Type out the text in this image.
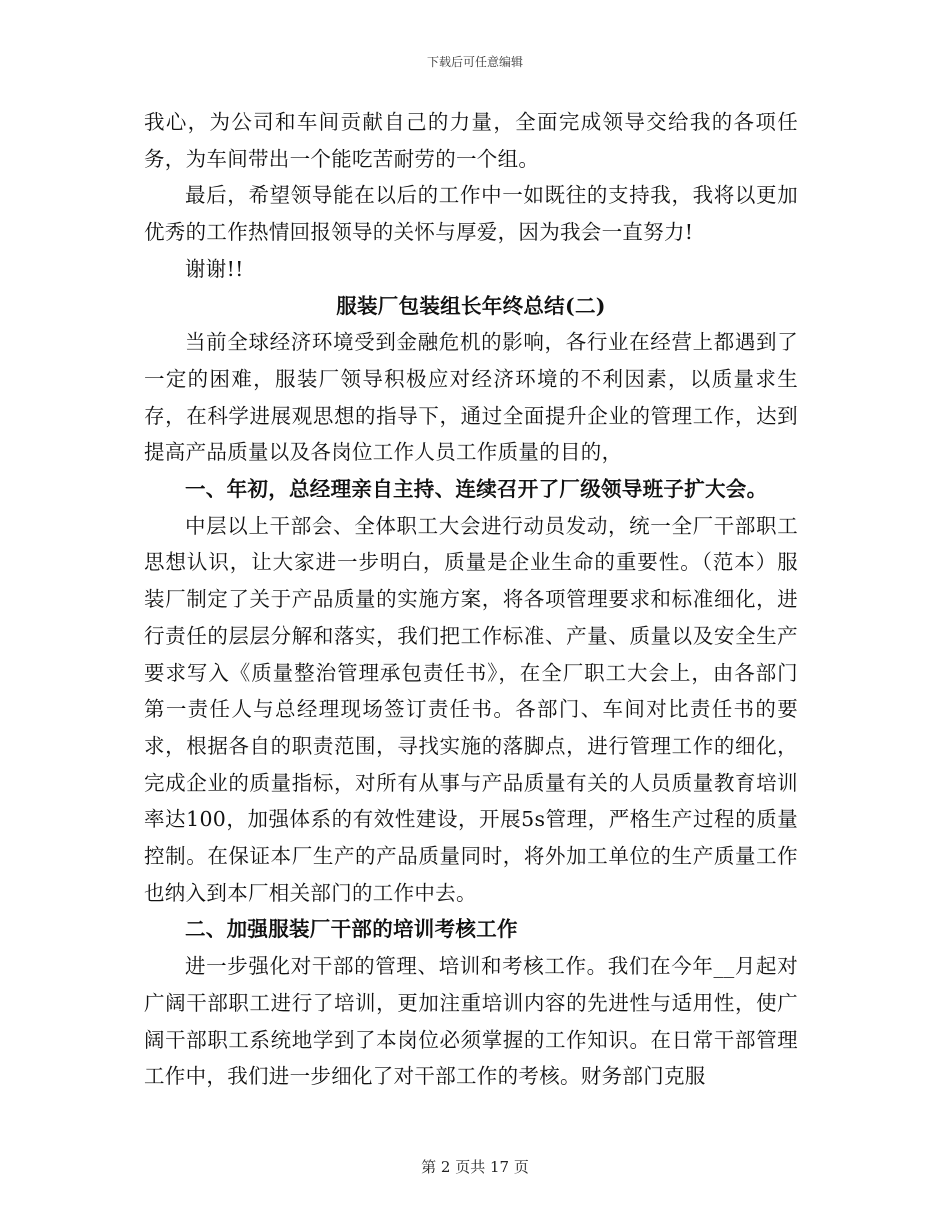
下载后可任意编辑

我心，为公司和车间贡献自己的力量，全面完成领导交给我的各项任务，为车间带出一个能吃苦耐劳的一个组。

最后，希望领导能在以后的工作中一如既往的支持我，我将以更加优秀的工作热情回报领导的关怀与厚爱，因为我会一直努力!

谢谢!!

服装厂包装组长年终总结(二)

当前全球经济环境受到金融危机的影响，各行业在经营上都遇到了一定的困难，服装厂领导积极应对经济环境的不利因素，以质量求生存，在科学进展观思想的指导下，通过全面提升企业的管理工作，达到提高产品质量以及各岗位工作人员工作质量的目的，

一、年初，总经理亲自主持、连续召开了厂级领导班子扩大会。

中层以上干部会、全体职工大会进行动员发动，统一全厂干部职工思想认识，让大家进一步明白，质量是企业生命的重要性。（范本）服装厂制定了关于产品质量的实施方案，将各项管理要求和标准细化，进行责任的层层分解和落实，我们把工作标准、产量、质量以及安全生产要求写入《质量整治管理承包责任书》，在全厂职工大会上，由各部门第一责任人与总经理现场签订责任书。各部门、车间对比责任书的要求，根据各自的职责范围，寻找实施的落脚点，进行管理工作的细化，完成企业的质量指标，对所有从事与产品质量有关的人员质量教育培训率达100，加强体系的有效性建设，开展5s管理，严格生产过程的质量控制。在保证本厂生产的产品质量同时，将外加工单位的生产质量工作也纳入到本厂相关部门的工作中去。

二、加强服装厂干部的培训考核工作

进一步强化对干部的管理、培训和考核工作。我们在今年__月起对广阔干部职工进行了培训，更加注重培训内容的先进性与适用性，使广阔干部职工系统地学到了本岗位必须掌握的工作知识。在日常干部管理工作中，我们进一步细化了对干部工作的考核。财务部门克服

第 2 页共 17 页
